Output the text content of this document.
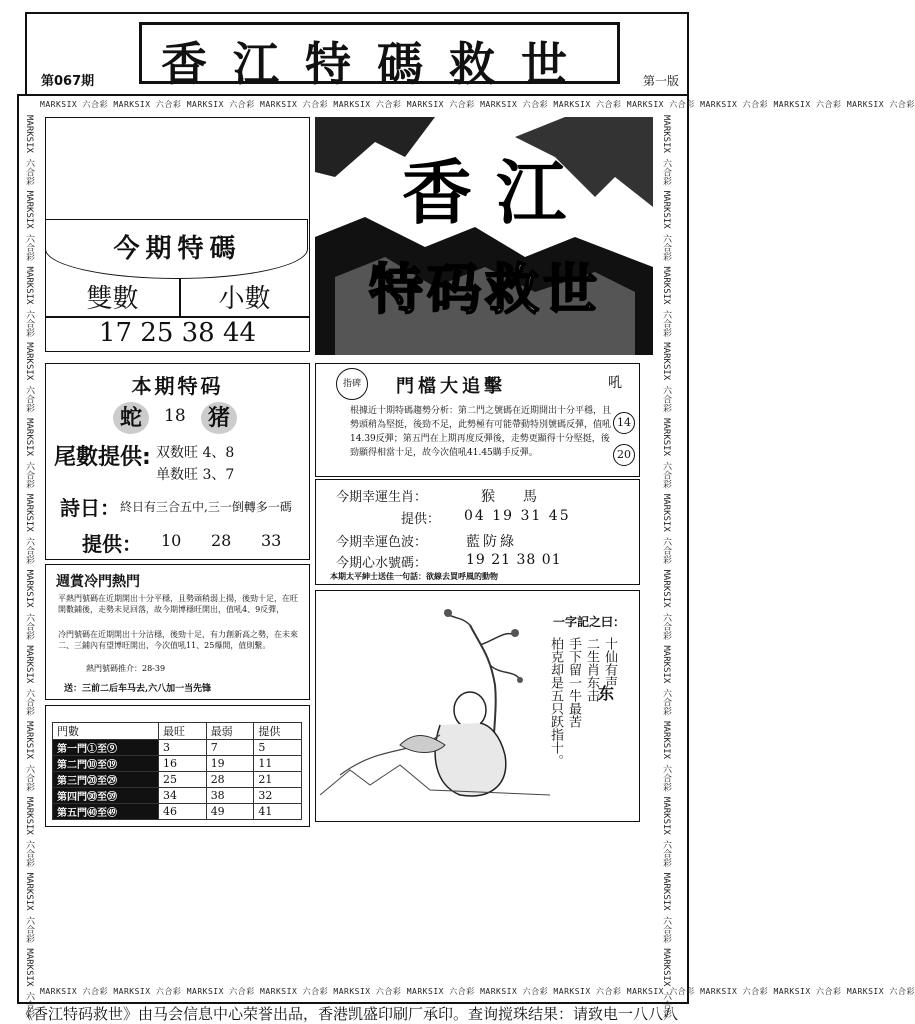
香江特碼救世
第067期	第一版
MARKSIX 六合彩 MARKSIX 六合彩 MARKSIX 六合彩 MARKSIX 六合彩 MARKSIX 六合彩 MARKSIX 六合彩 MARKSIX 六合彩 MARKSIX 六合彩 MARKSIX 六合彩 MARKSIX 六合彩 MARKSIX 六合彩 MARKSIX 六合彩
MARKSIX 六合彩 MARKSIX 六合彩 MARKSIX 六合彩 MARKSIX 六合彩 MARKSIX 六合彩 MARKSIX 六合彩 MARKSIX 六合彩 MARKSIX 六合彩 MARKSIX 六合彩 MARKSIX 六合彩 MARKSIX 六合彩 MARKSIX 六合彩
MARKSIX 六合彩 MARKSIX 六合彩 MARKSIX 六合彩 MARKSIX 六合彩 MARKSIX 六合彩 MARKSIX 六合彩 MARKSIX 六合彩 MARKSIX 六合彩 MARKSIX 六合彩 MARKSIX 六合彩 MARKSIX 六合彩 MARKSIX 六合彩	MARKSIX 六合彩 MARKSIX 六合彩 MARKSIX 六合彩 MARKSIX 六合彩 MARKSIX 六合彩 MARKSIX 六合彩 MARKSIX 六合彩 MARKSIX 六合彩 MARKSIX 六合彩 MARKSIX 六合彩 MARKSIX 六合彩 MARKSIX 六合彩
今期特碼
雙數	小數
17 25 38 44
香 江
特码救世
本期特码
蛇	18	猪
尾數提供: 双数旺 4、8
单数旺 3、7
詩日： 終日有三合五中,三一倒轉多一碼
提供： 10 28 33
指碑	門檔大追擊	吼
根據近十期特碼趨勢分析：第二門之號碼在近期開出十分平穩，且勢頭稍為堅挺，後勁不足，此勢極有可能帶動特別號碼反彈，值吼14.39反彈；第五門在上期再度反彈後，走勢更顯得十分堅挺，後勁顯得相當十足，故今次值吼41.45購手反彈。
14
20
今期幸運生肖：	猴　　馬
提供： 04 19 31 45
今期幸運色波：	藍防綠
今期心水號碼：	19 21 38 01
本期太平紳士送佳一句話：欲線去買呼風的動物
週賞冷門熱門
平熱門號碼在近期開出十分平穩，且勢頭稍弱上揚，後勁十足，在旺開數鋪後，走勢未見回落，故今期博穩旺開出，值吼4、9反彈，
冷門號碼在近期開出十分沽穩，後勁十足，有力創新高之勢，在未來二、三鋪內有望博旺開出，今次值吼11、25爆開，值則繫。
熱門號碼推介：28-39
送：三前二后车马去,六八加一当先锋
門數	最旺	最弱	提供
第一門①至⑨	3	7	5
第二門⑩至⑲	16	19	11
第三門⑳至㉙	25	28	21
第四門㉚至㊴	34	38	32
第五門㊵至㊾	46	49	41
一字記之曰：
东
十仙有声
二生肖东击
手下留一牛最苦
柏克却是五只跃指十。
《香江特码救世》由马会信息中心荣誉出品，香港凯盛印刷厂承印。查询搅珠结果：请致电一八八八
